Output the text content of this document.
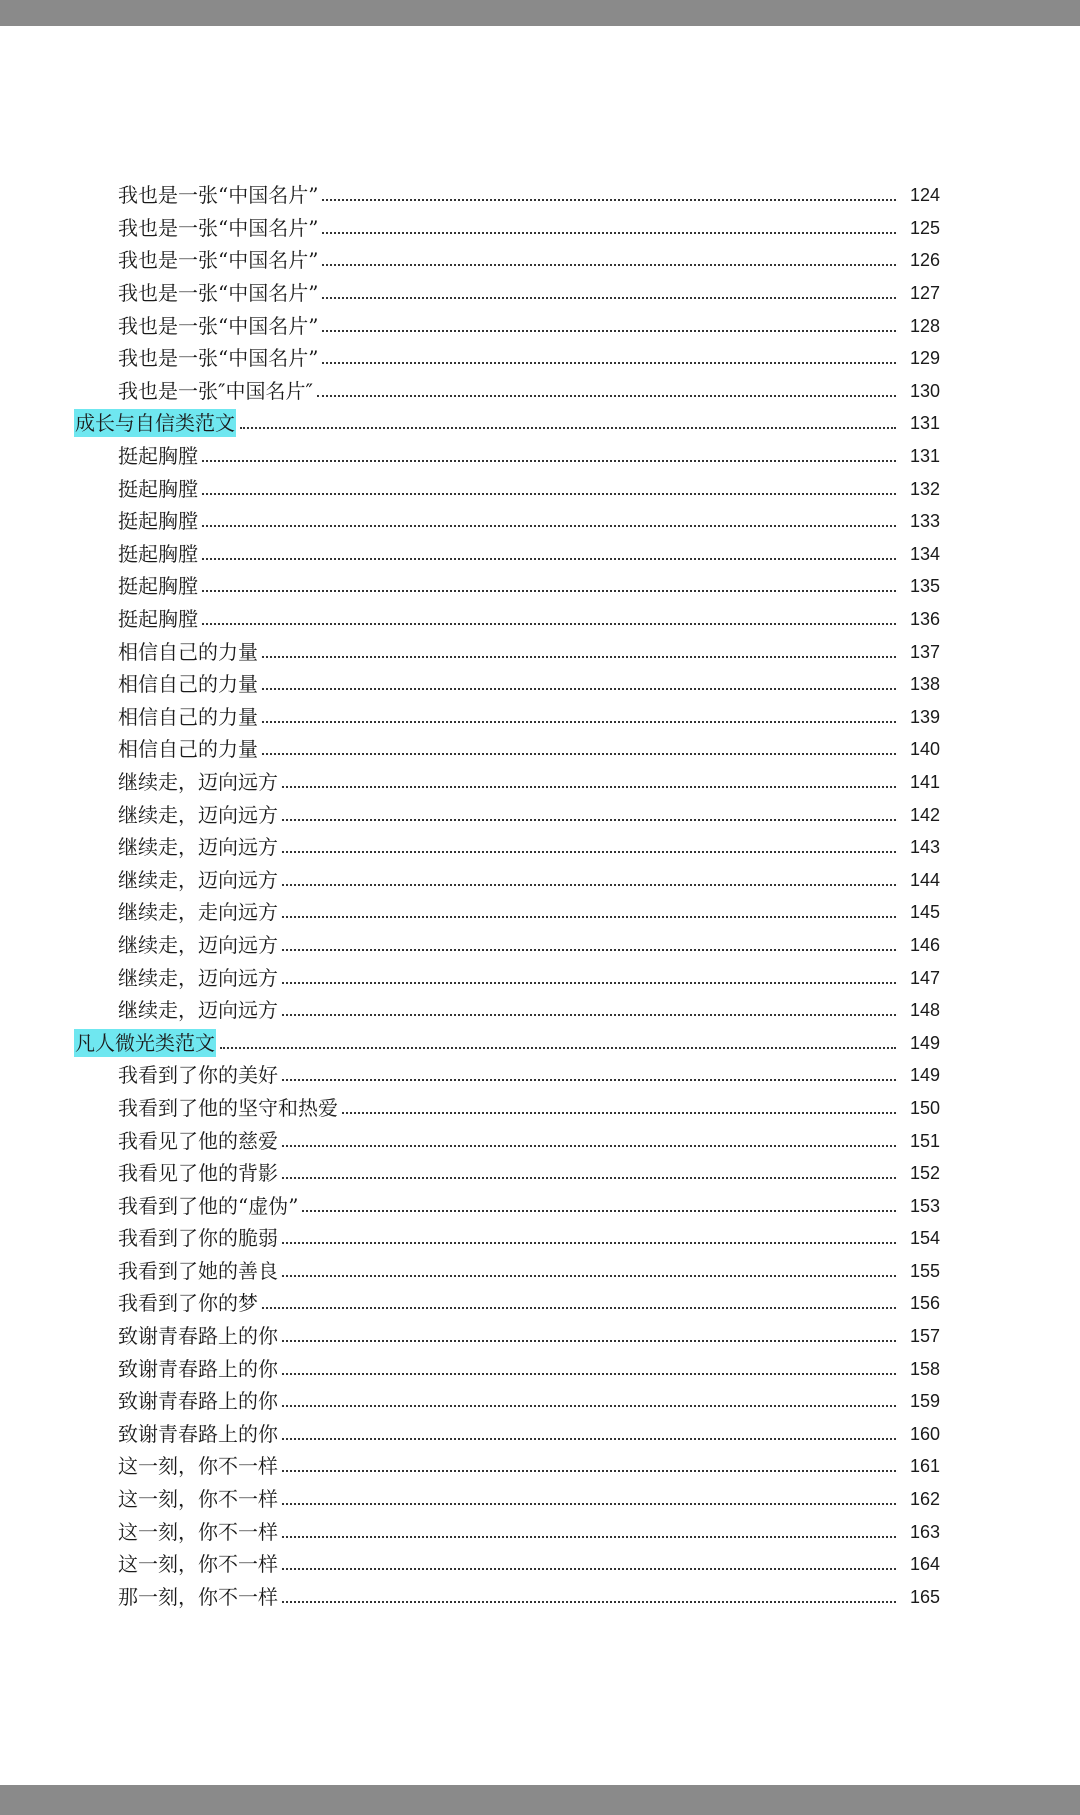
我也是一张“中国名片”	124
我也是一张“中国名片”	125
我也是一张“中国名片”	126
我也是一张“中国名片”	127
我也是一张“中国名片”	128
我也是一张“中国名片”	129
我也是一张″中国名片″	130
成长与自信类范文	131
挺起胸膛	131
挺起胸膛	132
挺起胸膛	133
挺起胸膛	134
挺起胸膛	135
挺起胸膛	136
相信自己的力量	137
相信自己的力量	138
相信自己的力量	139
相信自己的力量	140
继续走，迈向远方	141
继续走，迈向远方	142
继续走，迈向远方	143
继续走，迈向远方	144
继续走，走向远方	145
继续走，迈向远方	146
继续走，迈向远方	147
继续走，迈向远方	148
凡人微光类范文	149
我看到了你的美好	149
我看到了他的坚守和热爱	150
我看见了他的慈爱	151
我看见了他的背影	152
我看到了他的“虚伪”	153
我看到了你的脆弱	154
我看到了她的善良	155
我看到了你的梦	156
致谢青春路上的你	157
致谢青春路上的你	158
致谢青春路上的你	159
致谢青春路上的你	160
这一刻，你不一样	161
这一刻，你不一样	162
这一刻，你不一样	163
这一刻，你不一样	164
那一刻，你不一样	165
